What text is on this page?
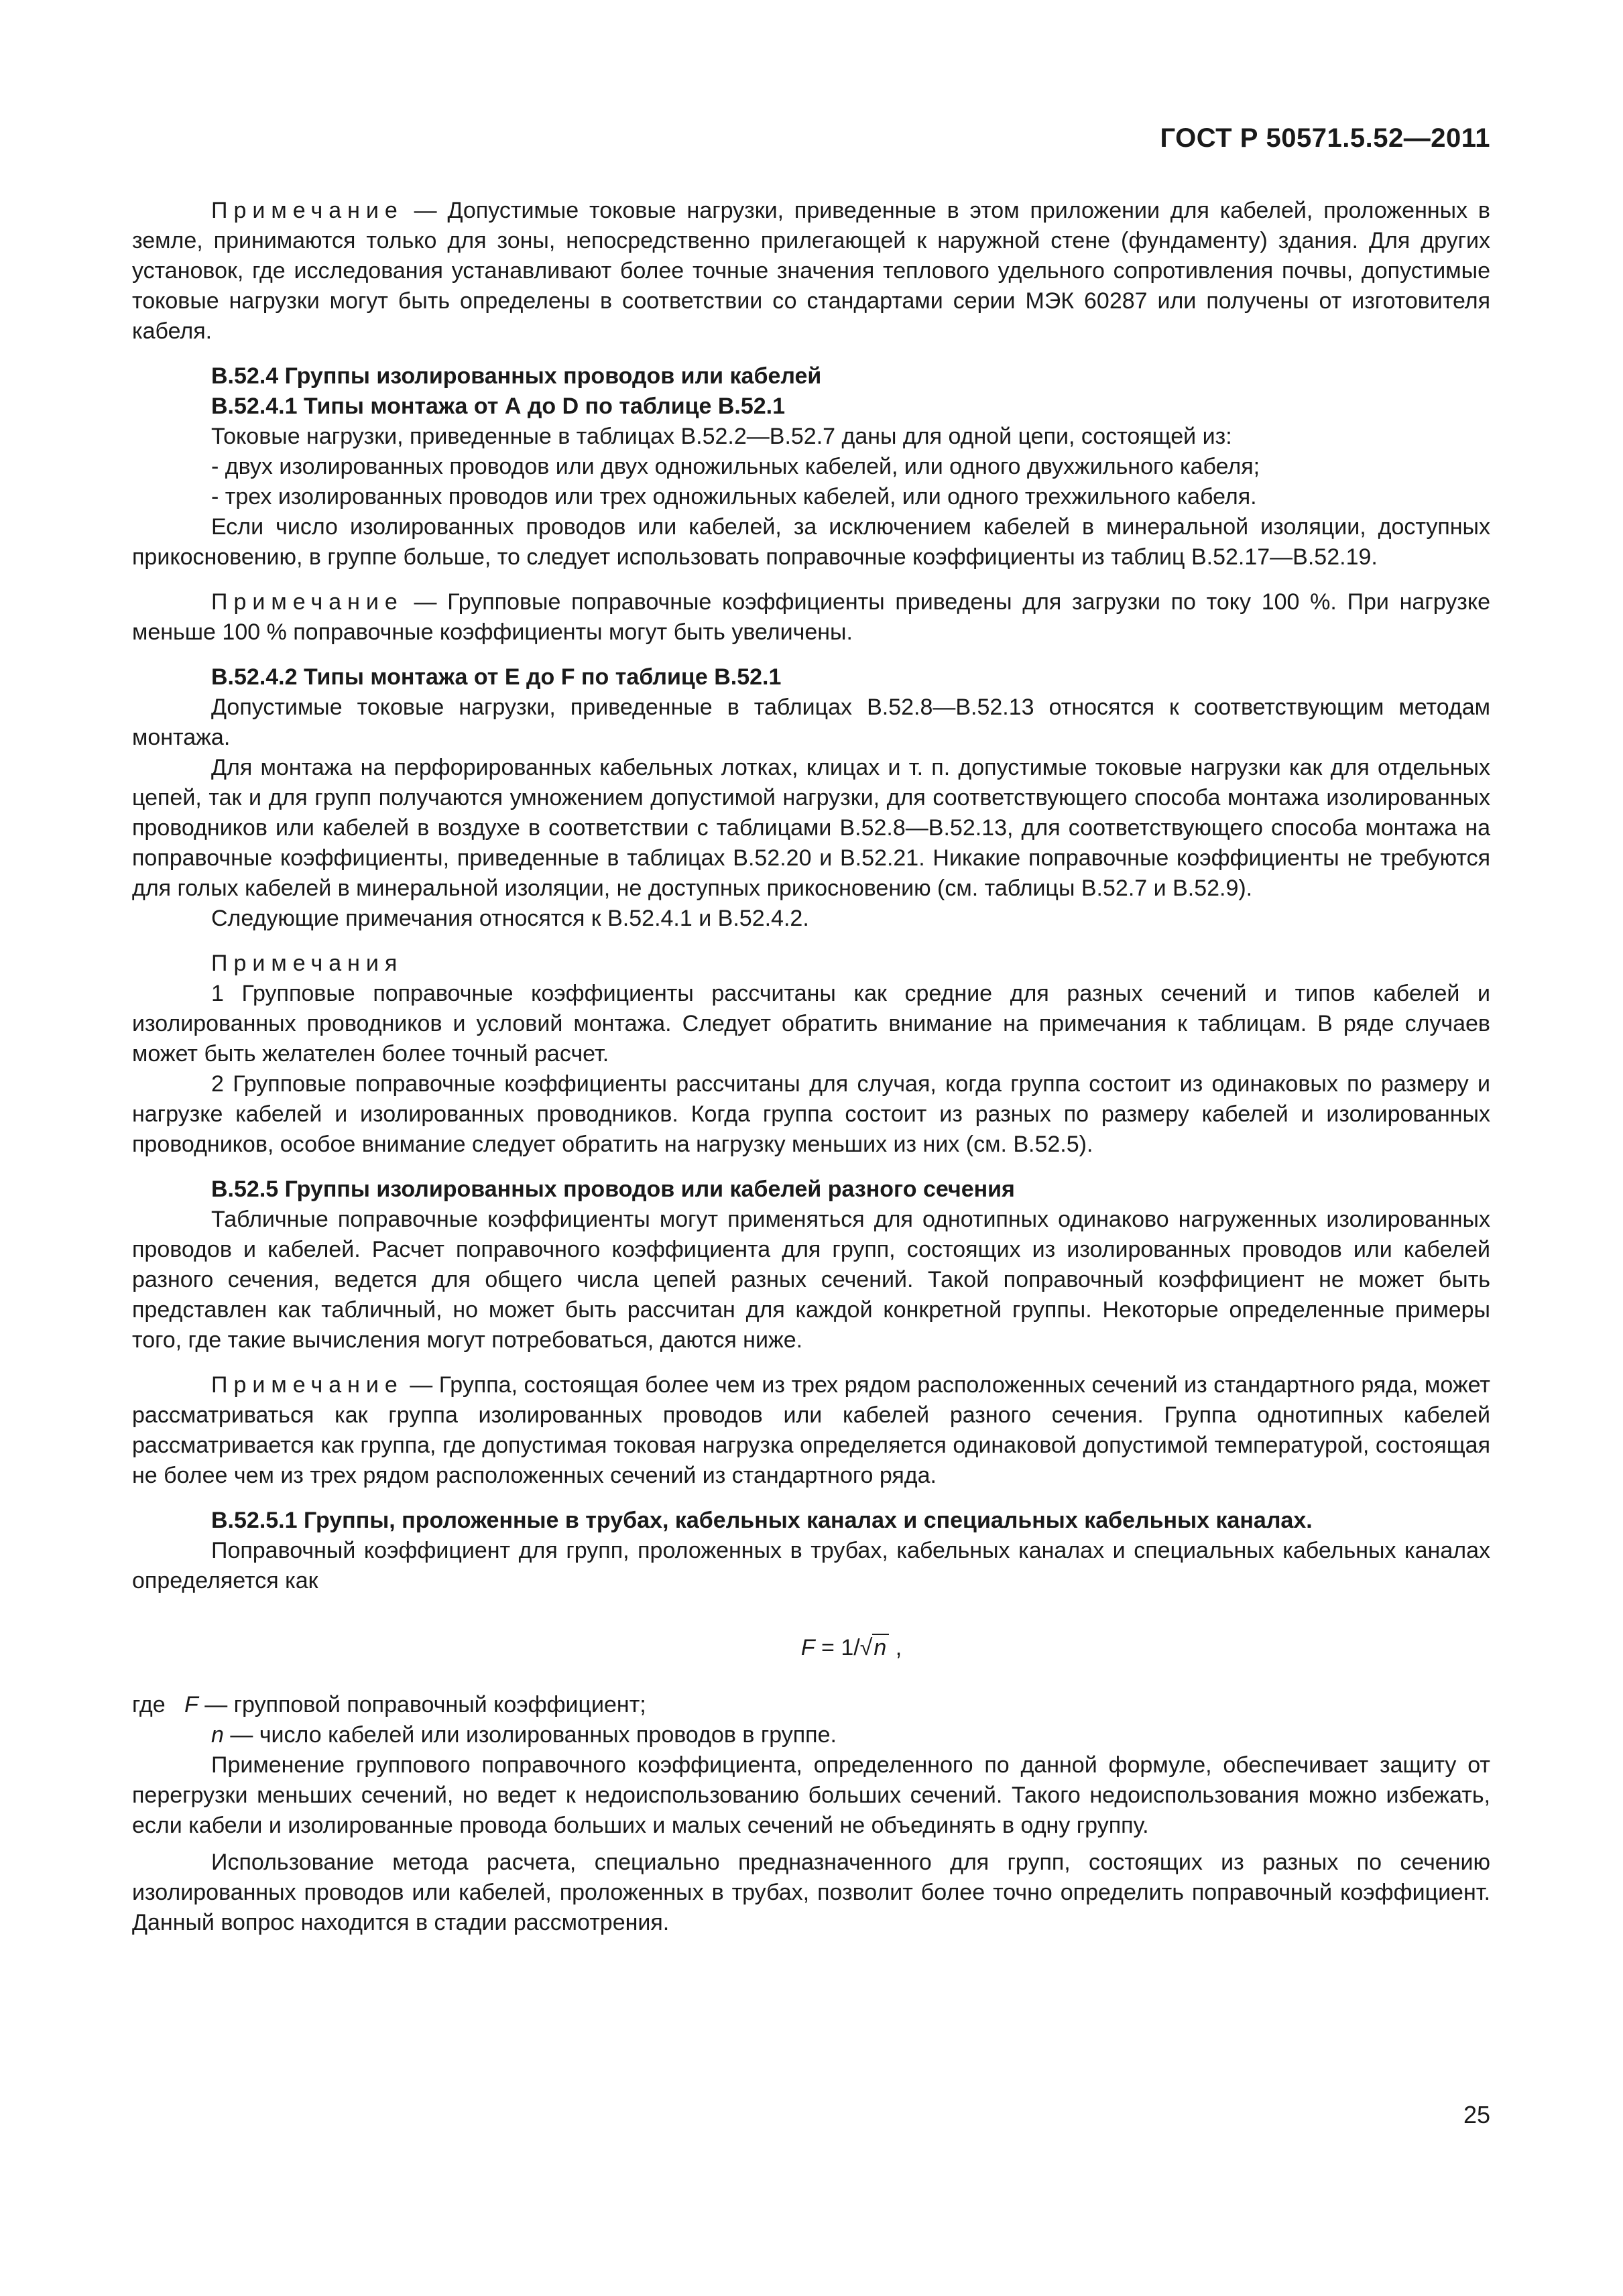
ГОСТ Р 50571.5.52—2011

Примечание — Допустимые токовые нагрузки, приведенные в этом приложении для кабелей, проложенных в земле, принимаются только для зоны, непосредственно прилегающей к наружной стене (фундаменту) здания. Для других установок, где исследования устанавливают более точные значения теплового удельного сопротивления почвы, допустимые токовые нагрузки могут быть определены в соответствии со стандартами серии МЭК 60287 или получены от изготовителя кабеля.

В.52.4 Группы изолированных проводов или кабелей

В.52.4.1 Типы монтажа от А до D по таблице В.52.1

Токовые нагрузки, приведенные в таблицах В.52.2—В.52.7 даны для одной цепи, состоящей из:

- двух изолированных проводов или двух одножильных кабелей, или одного двухжильного кабеля;

- трех изолированных проводов или трех одножильных кабелей, или одного трехжильного кабеля.

Если число изолированных проводов или кабелей, за исключением кабелей в минеральной изоляции, доступных прикосновению, в группе больше, то следует использовать поправочные коэффициенты из таблиц В.52.17—В.52.19.

Примечание — Групповые поправочные коэффициенты приведены для загрузки по току 100 %. При нагрузке меньше 100 % поправочные коэффициенты могут быть увеличены.

В.52.4.2 Типы монтажа от Е до F по таблице В.52.1

Допустимые токовые нагрузки, приведенные в таблицах В.52.8—В.52.13 относятся к соответствующим методам монтажа.

Для монтажа на перфорированных кабельных лотках, клицах и т. п. допустимые токовые нагрузки как для отдельных цепей, так и для групп получаются умножением допустимой нагрузки, для соответствующего способа монтажа изолированных проводников или кабелей в воздухе в соответствии с таблицами В.52.8—В.52.13, для соответствующего способа монтажа на поправочные коэффициенты, приведенные в таблицах В.52.20 и В.52.21. Никакие поправочные коэффициенты не требуются для голых кабелей в минеральной изоляции, не доступных прикосновению (см. таблицы В.52.7 и В.52.9).

Следующие примечания относятся к В.52.4.1 и В.52.4.2.

Примечания

1 Групповые поправочные коэффициенты рассчитаны как средние для разных сечений и типов кабелей и изолированных проводников и условий монтажа. Следует обратить внимание на примечания к таблицам. В ряде случаев может быть желателен более точный расчет.

2 Групповые поправочные коэффициенты рассчитаны для случая, когда группа состоит из одинаковых по размеру и нагрузке кабелей и изолированных проводников. Когда группа состоит из разных по размеру кабелей и изолированных проводников, особое внимание следует обратить на нагрузку меньших из них (см. В.52.5).

В.52.5 Группы изолированных проводов или кабелей разного сечения

Табличные поправочные коэффициенты могут применяться для однотипных одинаково нагруженных изолированных проводов и кабелей. Расчет поправочного коэффициента для групп, состоящих из изолированных проводов или кабелей разного сечения, ведется для общего числа цепей разных сечений. Такой поправочный коэффициент не может быть представлен как табличный, но может быть рассчитан для каждой конкретной группы. Некоторые определенные примеры того, где такие вычисления могут потребоваться, даются ниже.

Примечание — Группа, состоящая более чем из трех рядом расположенных сечений из стандартного ряда, может рассматриваться как группа изолированных проводов или кабелей разного сечения. Группа однотипных кабелей рассматривается как группа, где допустимая токовая нагрузка определяется одинаковой допустимой температурой, состоящая не более чем из трех рядом расположенных сечений из стандартного ряда.

В.52.5.1 Группы, проложенные в трубах, кабельных каналах и специальных кабельных каналах.

Поправочный коэффициент для групп, проложенных в трубах, кабельных каналах и специальных кабельных каналах определяется как

F = 1/√n ,

где F — групповой поправочный коэффициент;

n — число кабелей или изолированных проводов в группе.

Применение группового поправочного коэффициента, определенного по данной формуле, обеспечивает защиту от перегрузки меньших сечений, но ведет к недоиспользованию больших сечений. Такого недоиспользования можно избежать, если кабели и изолированные провода больших и малых сечений не объединять в одну группу.

Использование метода расчета, специально предназначенного для групп, состоящих из разных по сечению изолированных проводов или кабелей, проложенных в трубах, позволит более точно определить поправочный коэффициент. Данный вопрос находится в стадии рассмотрения.

25
